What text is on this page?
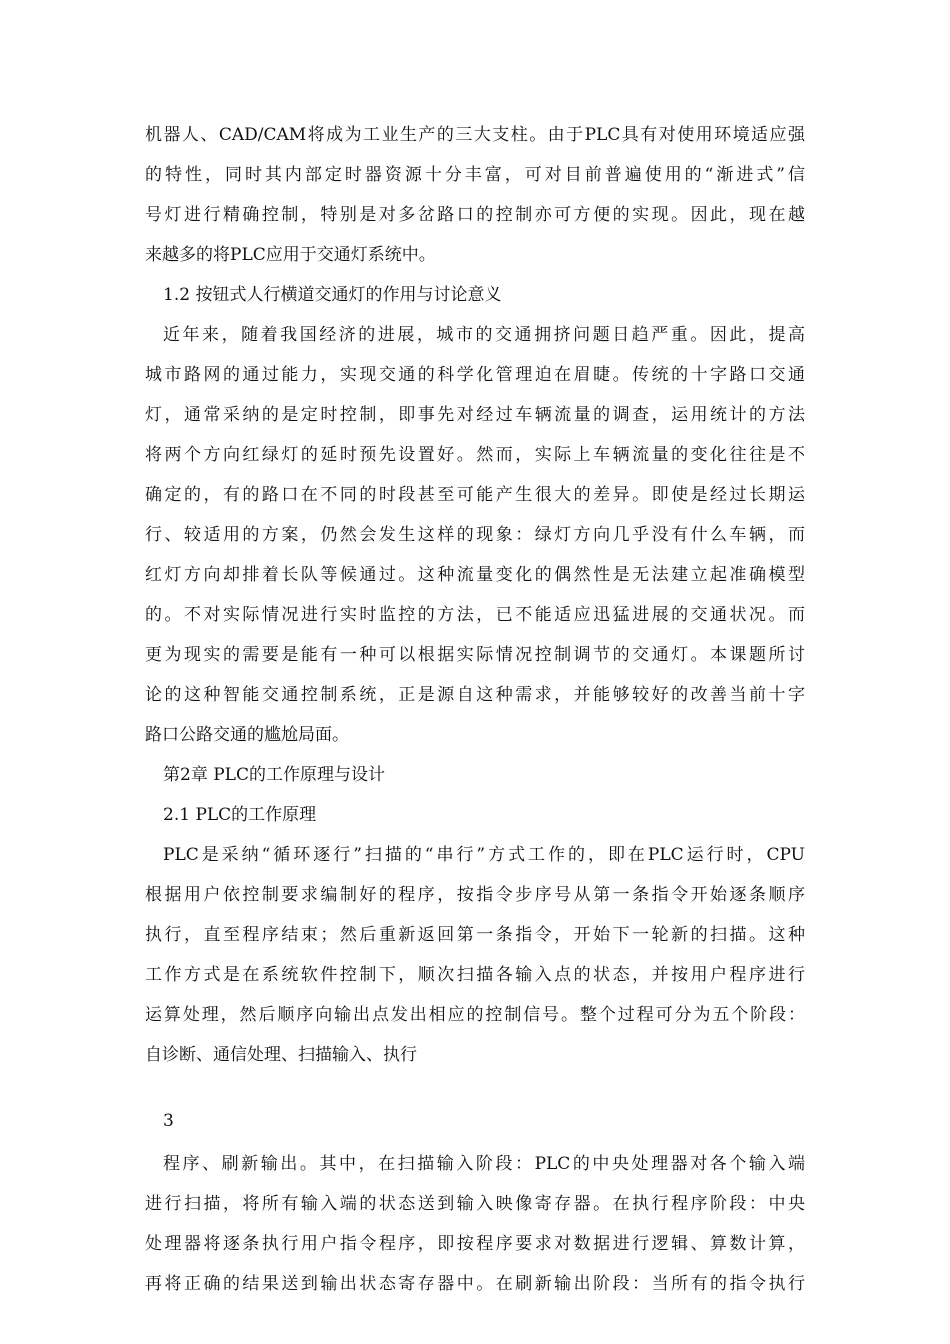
机器人、CAD/CAM将成为工业生产的三大支柱。由于PLC具有对使用环境适应强
的特性，同时其内部定时器资源十分丰富，可对目前普遍使用的“渐进式”信
号灯进行精确控制，特别是对多岔路口的控制亦可方便的实现。因此，现在越
来越多的将PLC应用于交通灯系统中。
1.2 按钮式人行横道交通灯的作用与讨论意义
近年来，随着我国经济的进展，城市的交通拥挤问题日趋严重。因此，提高
城市路网的通过能力，实现交通的科学化管理迫在眉睫。传统的十字路口交通
灯，通常采纳的是定时控制，即事先对经过车辆流量的调查，运用统计的方法
将两个方向红绿灯的延时预先设置好。然而，实际上车辆流量的变化往往是不
确定的，有的路口在不同的时段甚至可能产生很大的差异。即使是经过长期运
行、较适用的方案，仍然会发生这样的现象：绿灯方向几乎没有什么车辆，而
红灯方向却排着长队等候通过。这种流量变化的偶然性是无法建立起准确模型
的。不对实际情况进行实时监控的方法，已不能适应迅猛进展的交通状况。而
更为现实的需要是能有一种可以根据实际情况控制调节的交通灯。本课题所讨
论的这种智能交通控制系统，正是源自这种需求，并能够较好的改善当前十字
路口公路交通的尴尬局面。
第2章 PLC的工作原理与设计
2.1 PLC的工作原理
PLC是采纳“循环逐行”扫描的“串行”方式工作的，即在PLC运行时，CPU
根据用户依控制要求编制好的程序，按指令步序号从第一条指令开始逐条顺序
执行，直至程序结束；然后重新返回第一条指令，开始下一轮新的扫描。这种
工作方式是在系统软件控制下，顺次扫描各输入点的状态，并按用户程序进行
运算处理，然后顺序向输出点发出相应的控制信号。整个过程可分为五个阶段：
自诊断、通信处理、扫描输入、执行
3
程序、刷新输出。其中，在扫描输入阶段：PLC的中央处理器对各个输入端
进行扫描，将所有输入端的状态送到输入映像寄存器。在执行程序阶段：中央
处理器将逐条执行用户指令程序，即按程序要求对数据进行逻辑、算数计算，
再将正确的结果送到输出状态寄存器中。在刷新输出阶段：当所有的指令执行
